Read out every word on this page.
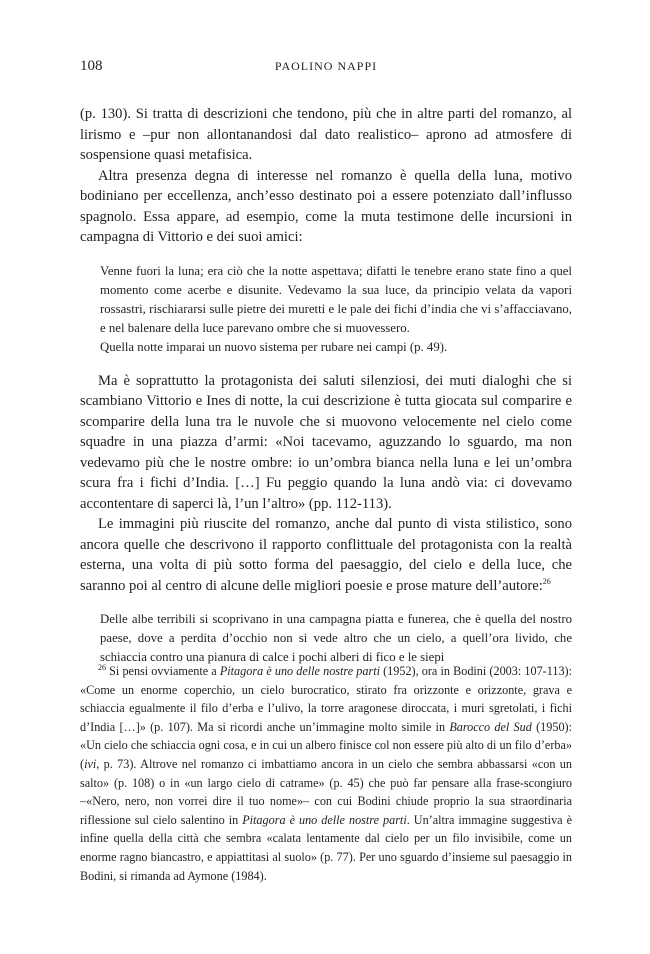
108	PAOLINO NAPPI

(p. 130). Si tratta di descrizioni che tendono, più che in altre parti del romanzo, al lirismo e –pur non allontanandosi dal dato realistico– aprono ad atmosfere di sospensione quasi metafisica.

Altra presenza degna di interesse nel romanzo è quella della luna, motivo bodiniano per eccellenza, anch’esso destinato poi a essere potenziato dall’influsso spagnolo. Essa appare, ad esempio, come la muta testimone delle incursioni in campagna di Vittorio e dei suoi amici:

Venne fuori la luna; era ciò che la notte aspettava; difatti le tenebre erano state fino a quel momento come acerbe e disunite. Vedevamo la sua luce, da principio velata da vapori rossastri, rischiararsi sulle pietre dei muretti e le pale dei fichi d’india che vi s’affacciavano, e nel balenare della luce parevano ombre che si muovessero.

Quella notte imparai un nuovo sistema per rubare nei campi (p. 49).

Ma è soprattutto la protagonista dei saluti silenziosi, dei muti dialoghi che si scambiano Vittorio e Ines di notte, la cui descrizione è tutta giocata sul comparire e scomparire della luna tra le nuvole che si muovono velocemente nel cielo come squadre in una piazza d’armi: «Noi tacevamo, aguzzando lo sguardo, ma non vedevamo più che le nostre ombre: io un’ombra bianca nella luna e lei un’ombra scura fra i fichi d’India. […] Fu peggio quando la luna andò via: ci dovevamo accontentare di saperci là, l’un l’altro» (pp. 112-113).

Le immagini più riuscite del romanzo, anche dal punto di vista stilistico, sono ancora quelle che descrivono il rapporto conflittuale del protagonista con la realtà esterna, una volta di più sotto forma del paesaggio, del cielo e della luce, che saranno poi al centro di alcune delle migliori poesie e prose mature dell’autore:$^{26}$

Delle albe terribili si scoprivano in una campagna piatta e funerea, che è quella del nostro paese, dove a perdita d’occhio non si vede altro che un cielo, a quell’ora livido, che schiaccia contro una pianura di calce i pochi alberi di fico e le siepi

$^{26}$ Si pensi ovviamente a Pitagora è uno delle nostre parti (1952), ora in Bodini (2003: 107-113): «Come un enorme coperchio, un cielo burocratico, stirato fra orizzonte e orizzonte, grava e schiaccia egualmente il filo d’erba e l’ulivo, la torre aragonese diroccata, i muri sgretolati, i fichi d’India […]» (p. 107). Ma si ricordi anche un’immagine molto simile in Barocco del Sud (1950): «Un cielo che schiaccia ogni cosa, e in cui un albero finisce col non essere più alto di un filo d’erba» (ivi, p. 73). Altrove nel romanzo ci imbattiamo ancora in un cielo che sembra abbassarsi «con un salto» (p. 108) o in «un largo cielo di catrame» (p. 45) che può far pensare alla frase-scongiuro –«Nero, nero, non vorrei dire il tuo nome»– con cui Bodini chiude proprio la sua straordinaria riflessione sul cielo salentino in Pitagora è uno delle nostre parti. Un’altra immagine suggestiva è infine quella della città che sembra «calata lentamente dal cielo per un filo invisibile, come un enorme ragno biancastro, e appiattitasi al suolo» (p. 77). Per uno sguardo d’insieme sul paesaggio in Bodini, si rimanda ad Aymone (1984).
